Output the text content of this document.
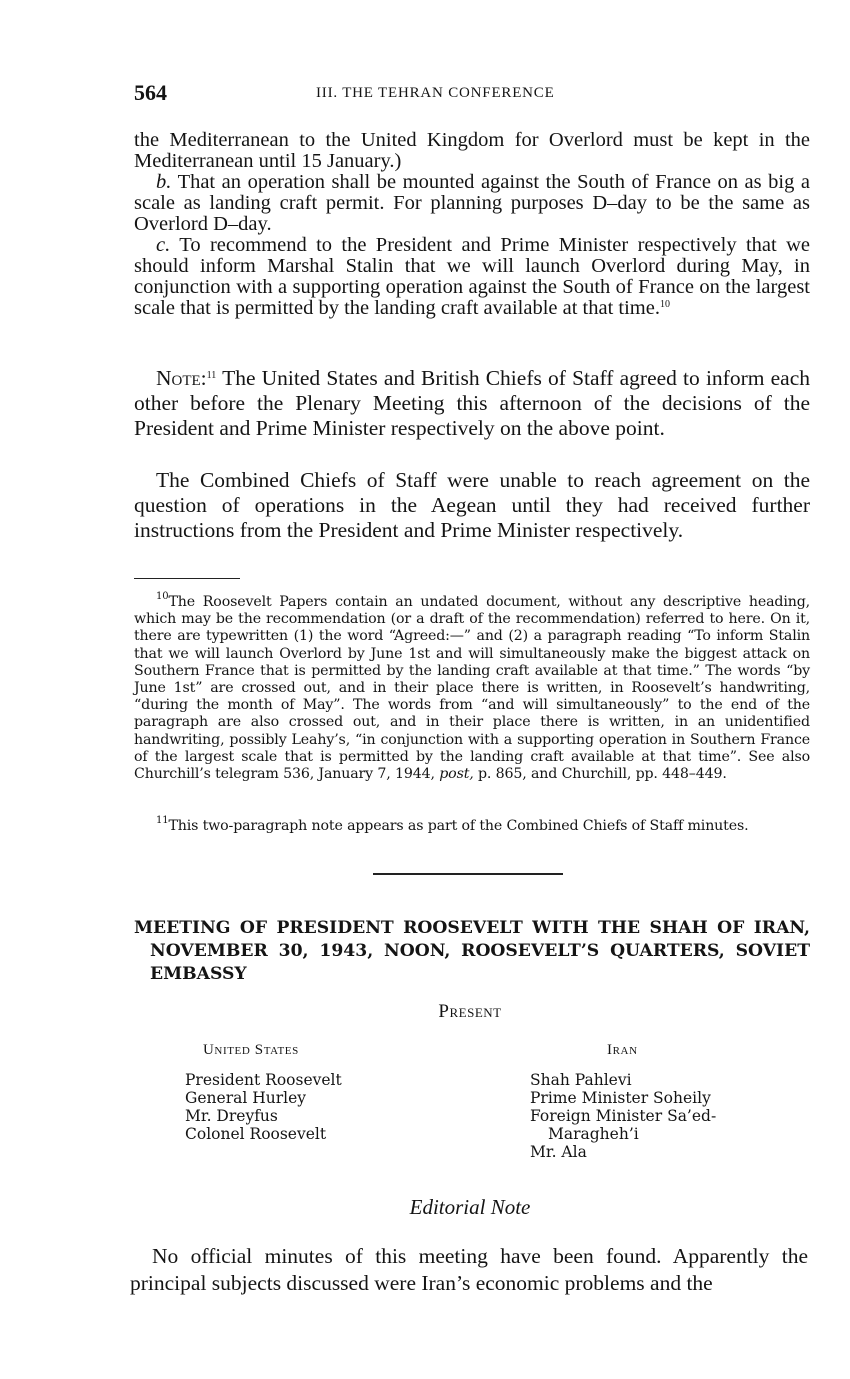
564	III. THE TEHRAN CONFERENCE

the Mediterranean to the United Kingdom for Overlord must be kept in the Mediterranean until 15 January.)

b. That an operation shall be mounted against the South of France on as big a scale as landing craft permit. For planning purposes D–day to be the same as Overlord D–day.

c. To recommend to the President and Prime Minister respectively that we should inform Marshal Stalin that we will launch Overlord during May, in conjunction with a supporting operation against the South of France on the largest scale that is permitted by the landing craft available at that time.$^{10}$

Note:$^{11}$ The United States and British Chiefs of Staff agreed to inform each other before the Plenary Meeting this afternoon of the decisions of the President and Prime Minister respectively on the above point.

The Combined Chiefs of Staff were unable to reach agreement on the question of operations in the Aegean until they had received further instructions from the President and Prime Minister respectively.

$^{10}$The Roosevelt Papers contain an undated document, without any descriptive heading, which may be the recommendation (or a draft of the recommendation) referred to here. On it, there are typewritten (1) the word “Agreed:—” and (2) a paragraph reading “To inform Stalin that we will launch Overlord by June 1st and will simultaneously make the biggest attack on Southern France that is permitted by the landing craft available at that time.” The words “by June 1st” are crossed out, and in their place there is written, in Roosevelt’s handwriting, “during the month of May”. The words from “and will simultaneously” to the end of the paragraph are also crossed out, and in their place there is written, in an unidentified handwriting, possibly Leahy’s, “in conjunction with a supporting operation in Southern France of the largest scale that is permitted by the landing craft available at that time”. See also Churchill’s telegram 536, January 7, 1944, post, p. 865, and Churchill, pp. 448–449.

$^{11}$This two-paragraph note appears as part of the Combined Chiefs of Staff minutes.

MEETING OF PRESIDENT ROOSEVELT WITH THE SHAH OF IRAN, NOVEMBER 30, 1943, NOON, ROOSEVELT’S QUARTERS, SOVIET EMBASSY
Present
United States
President Roosevelt
General Hurley
Mr. Dreyfus
Colonel Roosevelt
Iran
Shah Pahlevi
Prime Minister Soheily
Foreign Minister Sa’ed-
Maragheh’i
Mr. Ala
Editorial Note

No official minutes of this meeting have been found. Apparently the principal subjects discussed were Iran’s economic problems and the
